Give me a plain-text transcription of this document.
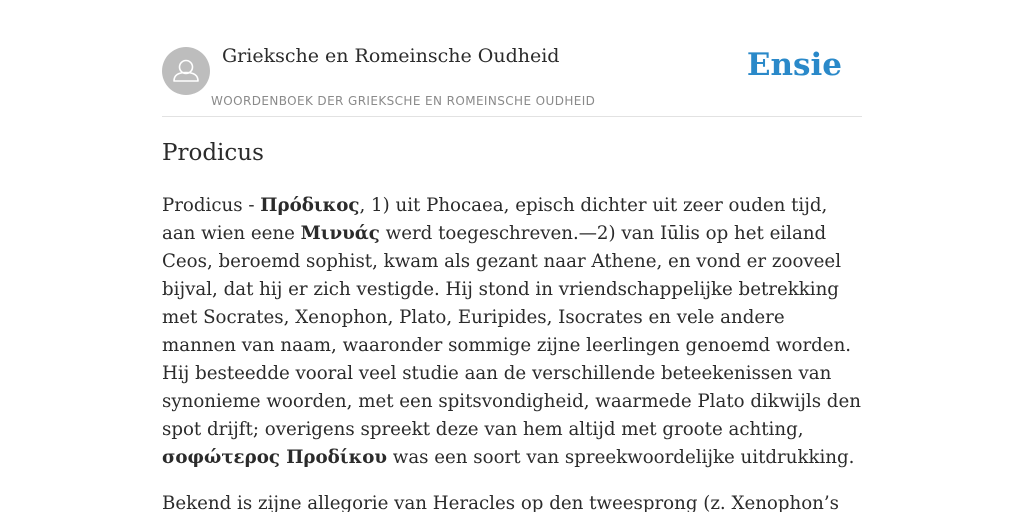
Grieksche en Romeinsche Oudheid
WOORDENBOEK DER GRIEKSCHE EN ROMEINSCHE OUDHEID
Ensie
Prodicus

Prodicus - Πρόδικος, 1) uit Phocaea, episch dichter uit zeer ouden tijd, aan wien eene Μινυάς werd toegeschreven.—2) van Iūlis op het eiland Ceos, beroemd sophist, kwam als gezant naar Athene, en vond er zooveel bijval, dat hij er zich vestigde. Hij stond in vriendschappelijke betrekking met Socrates, Xenophon, Plato, Euripides, Isocrates en vele andere mannen van naam, waaronder sommige zijne leerlingen genoemd worden. Hij besteedde vooral veel studie aan de verschillende beteekenissen van synonieme woorden, met een spitsvondigheid, waarmede Plato dikwijls den spot drijft; overigens spreekt deze van hem altijd met groote achting, σοφώτερος Προδίκου was een soort van spreekwoordelijke uitdrukking.

Bekend is zijne allegorie van Heracles op den tweesprong (z. Xenophon’s
